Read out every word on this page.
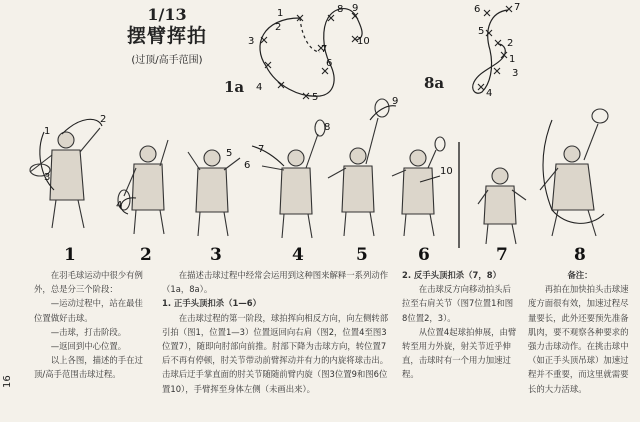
1/13
摆臂挥拍
(过顶/高手范围)
1a	8a
1
2
3
4
5
6
7
8 9
10
1
2
3
4
5
6	7
1
2
3
4
5
6
7
8
9
10
1	2	3	4	5	6	7	8

在羽毛球运动中很少有例外，总是分三个阶段：

—运动过程中，站在最佳位置做好击球。

—击球，打击阶段。

—返回到中心位置。

以上各图，描述的手在过顶/高手范围击球过程。

在描述击球过程中经常会运用到这种图来解释一系列动作（1a，8a）。

1. 正手头顶扣杀（1—6）

在击球过程的第一阶段，球拍挥向相反方向，向左侧转部引拍（图1，位置1—3）位置返回向右肩（图2，位置4至图3位置7），随即向肘部向前推。肘部下降为击球方向，转位置7后不再有停顿，肘关节带动前臂挥动并有力的内旋将球击出。击球后迂手掌直面的肘关节随随前臂内旋（图3位置9和图6位置10），手臂挥至身体左侧（未画出来）。

2. 反手头顶扣杀（7，8）

在击球反方向移动拍头后拉至右肩关节（图7位置1和图8位置2，3）。

从位置4起球拍伸展，由臂转至用力外旋，射关节近乎伸直，击球时有一个用力加速过程。

备注：

再拍在加快拍头击球速度方面很有效，加速过程尽量要长，此外还要预先准备肌肉，要不观察各种要求的强力击球动作。在挑击球中（如正手头顶吊球）加速过程并不重要，而这里就需要长的大力活球。

16
